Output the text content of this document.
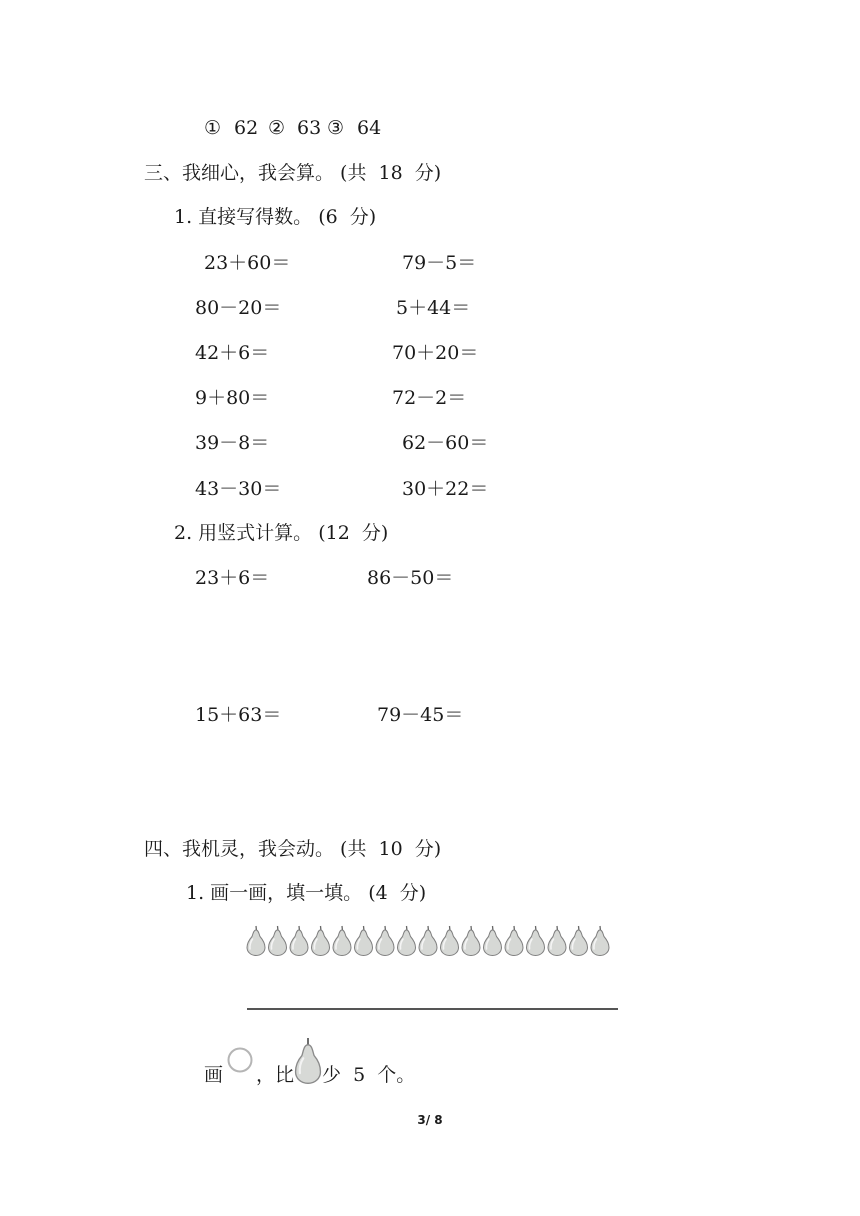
① 62 ② 63 ③ 64
三、我细心，我会算。 (共  18  分)
1. 直接写得数。 (6  分)
23＋60＝	79－5＝
80－20＝	5＋44＝
42＋6＝	70＋20＝
9＋80＝	72－2＝
39－8＝	62－60＝
43－30＝	30＋22＝
2. 用竖式计算。 (12  分)
23＋6＝	86－50＝
15＋63＝	79－45＝
四、我机灵，我会动。 (共  10  分)
1. 画一画，填一填。 (4  分)
画 ，比 少  5  个。
3/ 8
